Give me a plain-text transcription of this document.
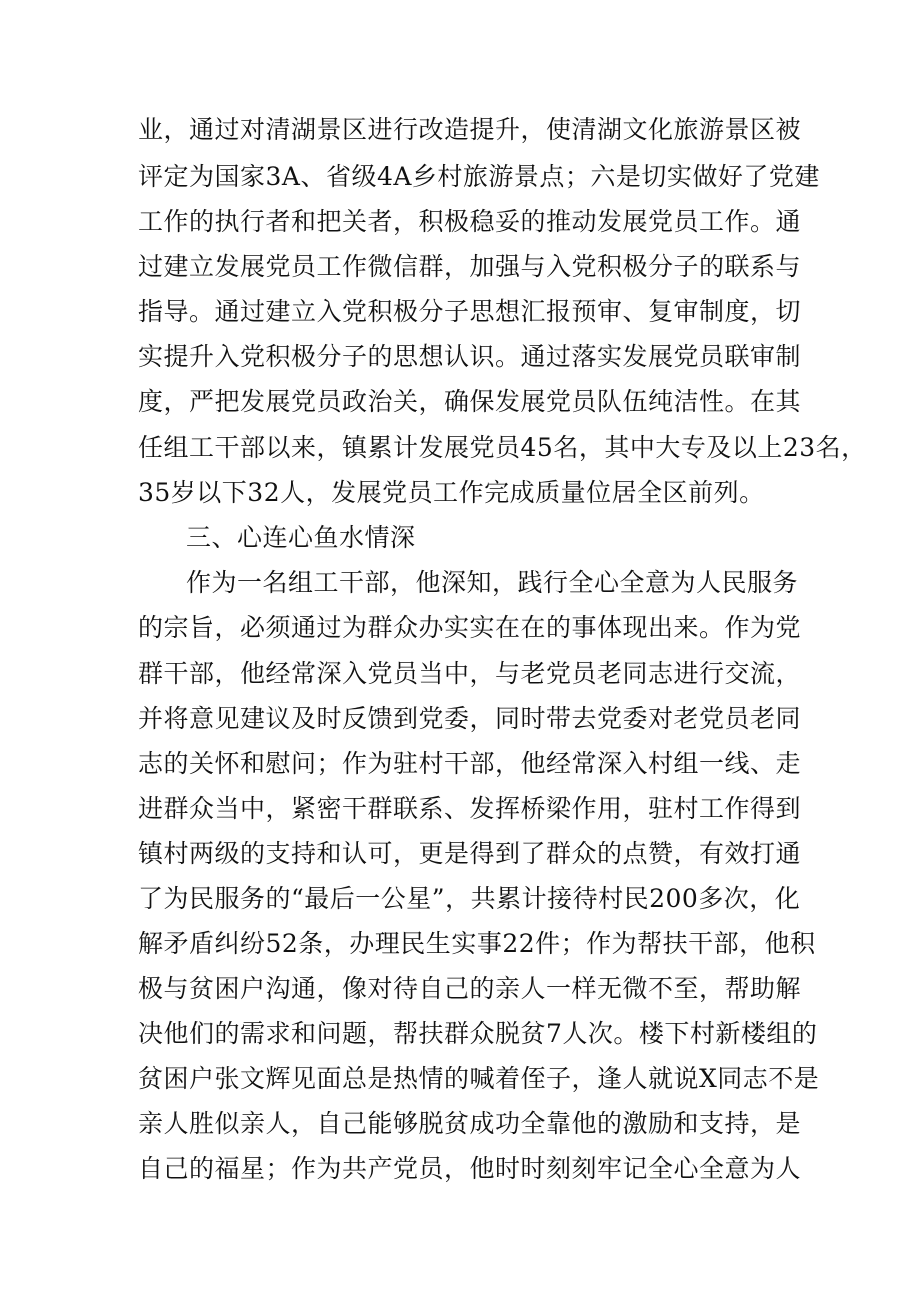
业，通过对清湖景区进行改造提升，使清湖文化旅游景区被
评定为国家3A、省级4A乡村旅游景点；六是切实做好了党建
工作的执行者和把关者，积极稳妥的推动发展党员工作。通
过建立发展党员工作微信群，加强与入党积极分子的联系与
指导。通过建立入党积极分子思想汇报预审、复审制度，切
实提升入党积极分子的思想认识。通过落实发展党员联审制
度，严把发展党员政治关，确保发展党员队伍纯洁性。在其
任组工干部以来，镇累计发展党员45名，其中大专及以上23名，
35岁以下32人，发展党员工作完成质量位居全区前列。
三、心连心鱼水情深
作为一名组工干部，他深知，践行全心全意为人民服务
的宗旨，必须通过为群众办实实在在的事体现出来。作为党
群干部，他经常深入党员当中，与老党员老同志进行交流，
并将意见建议及时反馈到党委，同时带去党委对老党员老同
志的关怀和慰问；作为驻村干部，他经常深入村组一线、走
进群众当中，紧密干群联系、发挥桥梁作用，驻村工作得到
镇村两级的支持和认可，更是得到了群众的点赞，有效打通
了为民服务的“最后一公星”，共累计接待村民200多次，化
解矛盾纠纷52条，办理民生实事22件；作为帮扶干部，他积
极与贫困户沟通，像对待自己的亲人一样无微不至，帮助解
决他们的需求和问题，帮扶群众脱贫7人次。楼下村新楼组的
贫困户张文辉见面总是热情的喊着侄子，逢人就说X同志不是
亲人胜似亲人，自己能够脱贫成功全靠他的激励和支持，是
自己的福星；作为共产党员，他时时刻刻牢记全心全意为人
